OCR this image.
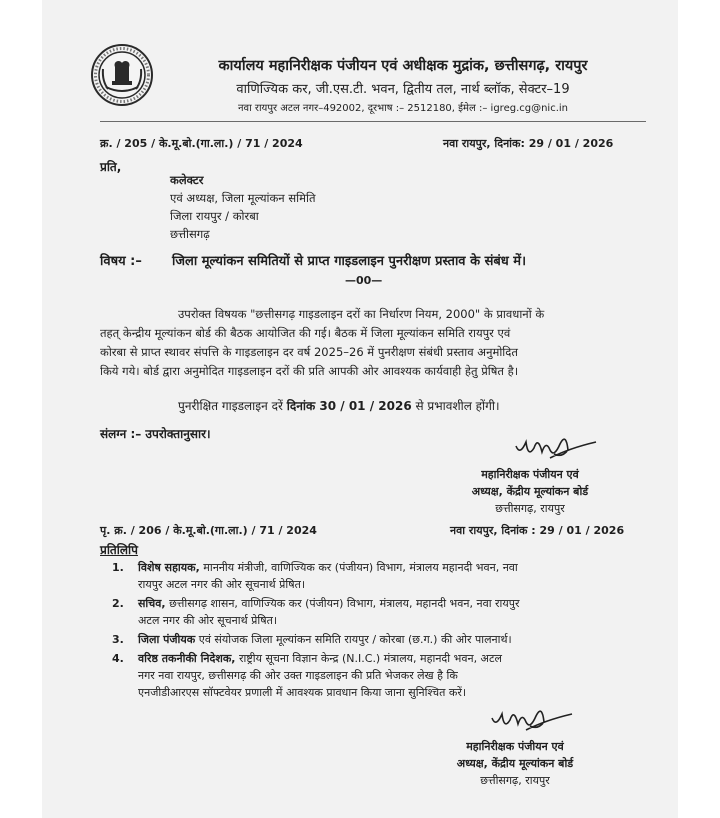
कार्यालय महानिरीक्षक पंजीयन एवं अधीक्षक मुद्रांक, छत्तीसगढ़, रायपुर
वाणिज्यिक कर, जी.एस.टी. भवन, द्वितीय तल, नार्थ ब्लॉक, सेक्टर–19
नवा रायपुर अटल नगर–492002, दूरभाष :– 2512180, ईमेल :– igreg.cg@nic.in
क्र. / 205 / के.मू.बो.(गा.ला.) / 71 / 2024	नवा रायपुर, दिनांक: 29 / 01 / 2026
प्रति,
कलेक्टर
एवं अध्यक्ष, जिला मूल्यांकन समिति
जिला रायपुर / कोरबा
छत्तीसगढ़
विषय :– जिला मूल्यांकन समितियों से प्राप्त गाइडलाइन पुनरीक्षण प्रस्ताव के संबंध में।
—00—
उपरोक्त विषयक "छत्तीसगढ़ गाइडलाइन दरों का निर्धारण नियम, 2000" के प्रावधानों के
तहत् केन्द्रीय मूल्यांकन बोर्ड की बैठक आयोजित की गई। बैठक में जिला मूल्यांकन समिति रायपुर एवं
कोरबा से प्राप्त स्थावर संपत्ति के गाइडलाइन दर वर्ष 2025–26 में पुनरीक्षण संबंधी प्रस्ताव अनुमोदित
किये गये। बोर्ड द्वारा अनुमोदित गाइडलाइन दरों की प्रति आपकी ओर आवश्यक कार्यवाही हेतु प्रेषित है।
पुनरीक्षित गाइडलाइन दरें दिनांक 30 / 01 / 2026 से प्रभावशील होंगी।
संलग्न :– उपरोक्तानुसार।
महानिरीक्षक पंजीयन एवं
अध्यक्ष, केंद्रीय मूल्यांकन बोर्ड
छत्तीसगढ़, रायपुर
पृ. क्र. / 206 / के.मू.बो.(गा.ला.) / 71 / 2024	नवा रायपुर, दिनांक : 29 / 01 / 2026
प्रतिलिपि
1. विशेष सहायक, माननीय मंत्रीजी, वाणिज्यिक कर (पंजीयन) विभाग, मंत्रालय महानदी भवन, नवा
रायपुर अटल नगर की ओर सूचनार्थ प्रेषित।
2. सचिव, छत्तीसगढ़ शासन, वाणिज्यिक कर (पंजीयन) विभाग, मंत्रालय, महानदी भवन, नवा रायपुर
अटल नगर की ओर सूचनार्थ प्रेषित।
3. जिला पंजीयक एवं संयोजक जिला मूल्यांकन समिति रायपुर / कोरबा (छ.ग.) की ओर पालनार्थ।
4. वरिष्ठ तकनीकी निदेशक, राष्ट्रीय सूचना विज्ञान केन्द्र (N.I.C.) मंत्रालय, महानदी भवन, अटल
नगर नवा रायपुर, छत्तीसगढ़ की ओर उक्त गाइडलाइन की प्रति भेजकर लेख है कि
एनजीडीआरएस सॉफ्टवेयर प्रणाली में आवश्यक प्रावधान किया जाना सुनिश्चित करें।
महानिरीक्षक पंजीयन एवं
अध्यक्ष, केंद्रीय मूल्यांकन बोर्ड
छत्तीसगढ़, रायपुर
